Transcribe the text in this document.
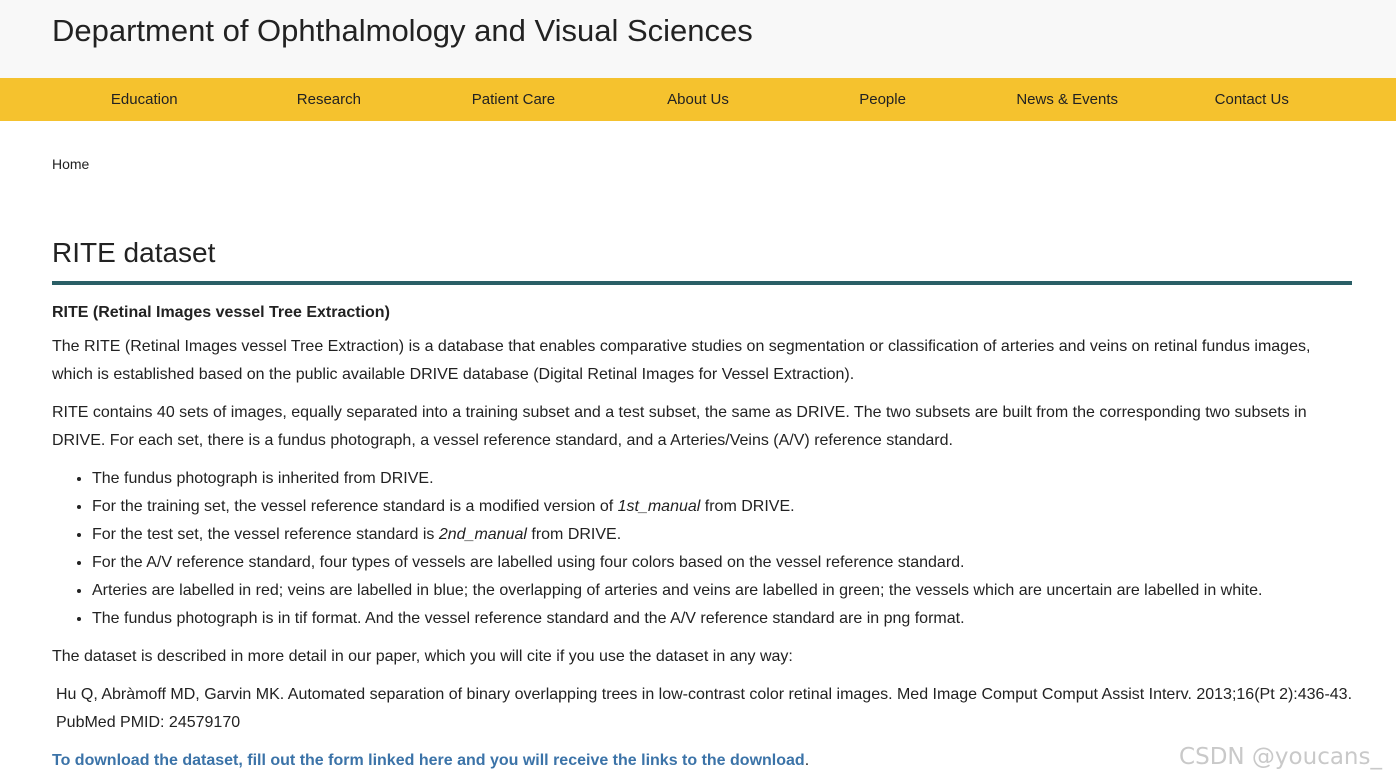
Department of Ophthalmology and Visual Sciences
Education	Research	Patient Care	About Us	People	News & Events	Contact Us
Home
RITE dataset
RITE (Retinal Images vessel Tree Extraction)

The RITE (Retinal Images vessel Tree Extraction) is a database that enables comparative studies on segmentation or classification of arteries and veins on retinal fundus images, which is established based on the public available DRIVE database (Digital Retinal Images for Vessel Extraction).

RITE contains 40 sets of images, equally separated into a training subset and a test subset, the same as DRIVE. The two subsets are built from the corresponding two subsets in DRIVE. For each set, there is a fundus photograph, a vessel reference standard, and a Arteries/Veins (A/V) reference standard.

• The fundus photograph is inherited from DRIVE.
• For the training set, the vessel reference standard is a modified version of 1st_manual from DRIVE.
• For the test set, the vessel reference standard is 2nd_manual from DRIVE.
• For the A/V reference standard, four types of vessels are labelled using four colors based on the vessel reference standard.
• Arteries are labelled in red; veins are labelled in blue; the overlapping of arteries and veins are labelled in green; the vessels which are uncertain are labelled in white.
• The fundus photograph is in tif format. And the vessel reference standard and the A/V reference standard are in png format.

The dataset is described in more detail in our paper, which you will cite if you use the dataset in any way:

Hu Q, Abràmoff MD, Garvin MK. Automated separation of binary overlapping trees in low-contrast color retinal images. Med Image Comput Comput Assist Interv. 2013;16(Pt 2):436-43. PubMed PMID: 24579170

To download the dataset, fill out the form linked here and you will receive the links to the download.	CSDN @youcans_
